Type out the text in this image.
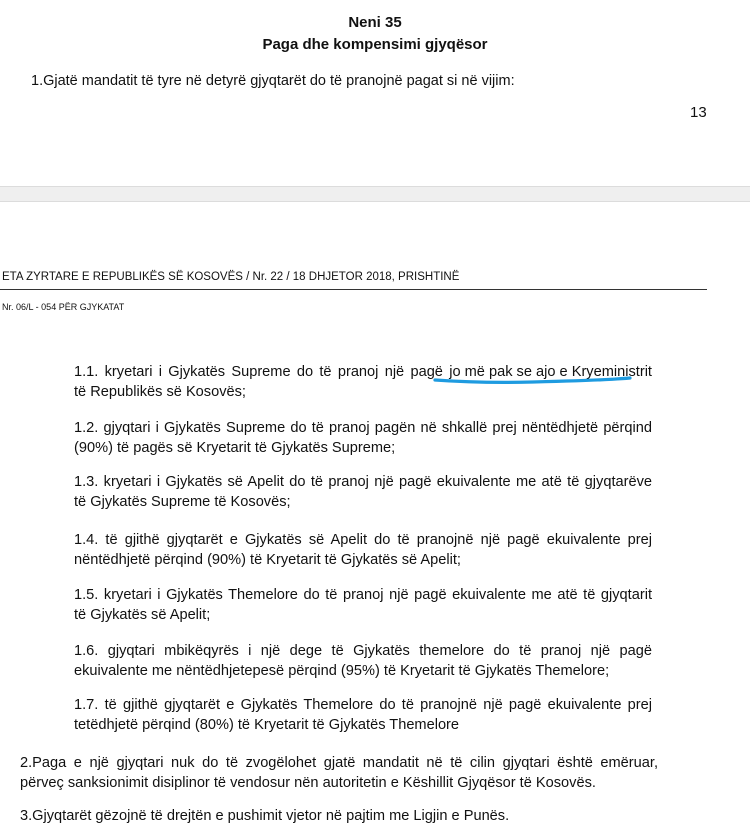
Neni 35
Paga dhe kompensimi gjyqësor
1.Gjatë mandatit të tyre në detyrë gjyqtarët do të pranojnë pagat si në vijim:
13
ETA ZYRTARE E REPUBLIKËS SË KOSOVËS / Nr. 22 / 18 DHJETOR 2018, PRISHTINË
Nr. 06/L - 054 PËR GJYKATAT
1.1. kryetari i Gjykatës Supreme do të pranoj një pagë jo më pak se ajo e Kryeministrit
të Republikës së Kosovës;
1.2. gjyqtari i Gjykatës Supreme do të pranoj pagën në shkallë prej nëntëdhjetë përqind
(90%) të pagës së Kryetarit të Gjykatës Supreme;
1.3. kryetari i Gjykatës së Apelit do të pranoj një pagë ekuivalente me atë të gjyqtarëve
të Gjykatës Supreme të Kosovës;
1.4. të gjithë gjyqtarët e Gjykatës së Apelit do të pranojnë një pagë ekuivalente prej
nëntëdhjetë përqind (90%) të Kryetarit të Gjykatës së Apelit;
1.5. kryetari i Gjykatës Themelore do të pranoj një pagë ekuivalente me atë të gjyqtarit
të Gjykatës së Apelit;
1.6. gjyqtari mbikëqyrës i një dege të Gjykatës themelore do të pranoj një pagë
ekuivalente me nëntëdhjetepesë përqind (95%) të Kryetarit të Gjykatës Themelore;
1.7. të gjithë gjyqtarët e Gjykatës Themelore do të pranojnë një pagë ekuivalente prej
tetëdhjetë përqind (80%) të Kryetarit të Gjykatës Themelore
2.Paga e një gjyqtari nuk do të zvogëlohet gjatë mandatit në të cilin gjyqtari është emëruar,
përveç sanksionimit disiplinor të vendosur nën autoritetin e Këshillit Gjyqësor të Kosovës.
3.Gjyqtarët gëzojnë të drejtën e pushimit vjetor në pajtim me Ligjin e Punës.
